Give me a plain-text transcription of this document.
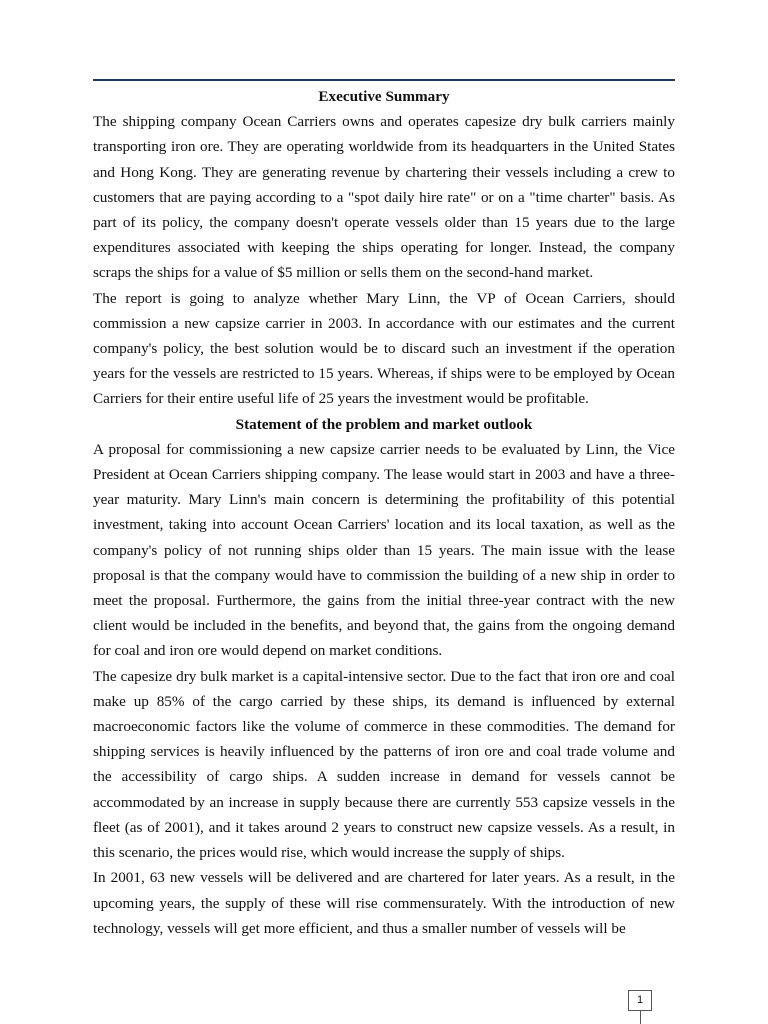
Executive Summary

The shipping company Ocean Carriers owns and operates capesize dry bulk carriers mainly transporting iron ore. They are operating worldwide from its headquarters in the United States and Hong Kong. They are generating revenue by chartering their vessels including a crew to customers that are paying according to a "spot daily hire rate" or on a "time charter" basis. As part of its policy, the company doesn't operate vessels older than 15 years due to the large expenditures associated with keeping the ships operating for longer. Instead, the company scraps the ships for a value of $5 million or sells them on the second-hand market.

The report is going to analyze whether Mary Linn, the VP of Ocean Carriers, should commission a new capsize carrier in 2003. In accordance with our estimates and the current company's policy, the best solution would be to discard such an investment if the operation years for the vessels are restricted to 15 years. Whereas, if ships were to be employed by Ocean Carriers for their entire useful life of 25 years the investment would be profitable.

Statement of the problem and market outlook

A proposal for commissioning a new capsize carrier needs to be evaluated by Linn, the Vice President at Ocean Carriers shipping company. The lease would start in 2003 and have a three-year maturity. Mary Linn's main concern is determining the profitability of this potential investment, taking into account Ocean Carriers' location and its local taxation, as well as the company's policy of not running ships older than 15 years. The main issue with the lease proposal is that the company would have to commission the building of a new ship in order to meet the proposal. Furthermore, the gains from the initial three-year contract with the new client would be included in the benefits, and beyond that, the gains from the ongoing demand for coal and iron ore would depend on market conditions.

The capesize dry bulk market is a capital-intensive sector. Due to the fact that iron ore and coal make up 85% of the cargo carried by these ships, its demand is influenced by external macroeconomic factors like the volume of commerce in these commodities. The demand for shipping services is heavily influenced by the patterns of iron ore and coal trade volume and the accessibility of cargo ships. A sudden increase in demand for vessels cannot be accommodated by an increase in supply because there are currently 553 capsize vessels in the fleet (as of 2001), and it takes around 2 years to construct new capsize vessels. As a result, in this scenario, the prices would rise, which would increase the supply of ships.

In 2001, 63 new vessels will be delivered and are chartered for later years. As a result, in the upcoming years, the supply of these will rise commensurately. With the introduction of new technology, vessels will get more efficient, and thus a smaller number of vessels will be

1
